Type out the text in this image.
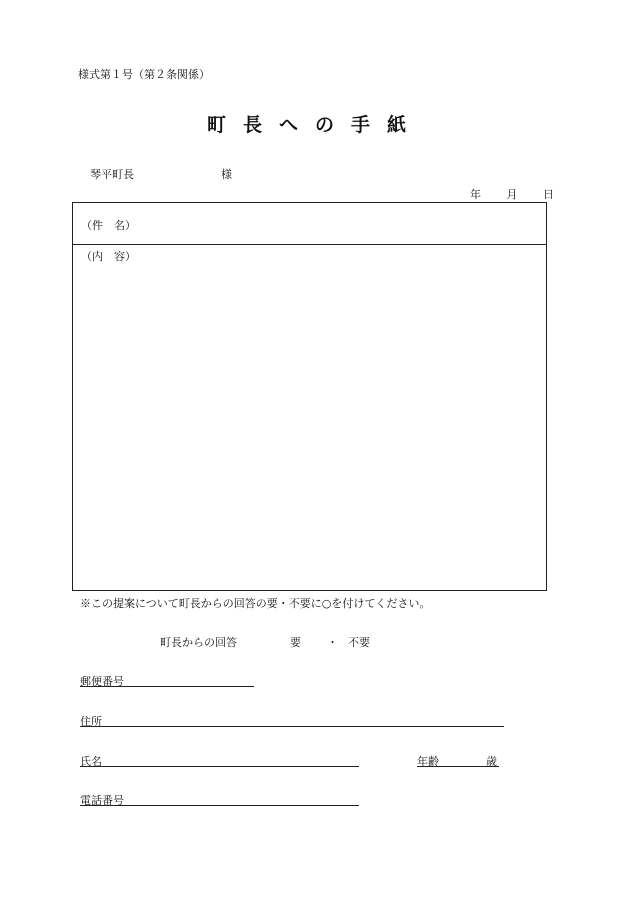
様式第１号（第２条関係）
町長への手紙
琴平町長	様
年 月 日
（件　名）
（内　容）
※この提案について町長からの回答の要・不要に○を付けてください。
町長からの回答	要 ・ 不要
郵便番号
住所
氏名	年齢	歳
電話番号
